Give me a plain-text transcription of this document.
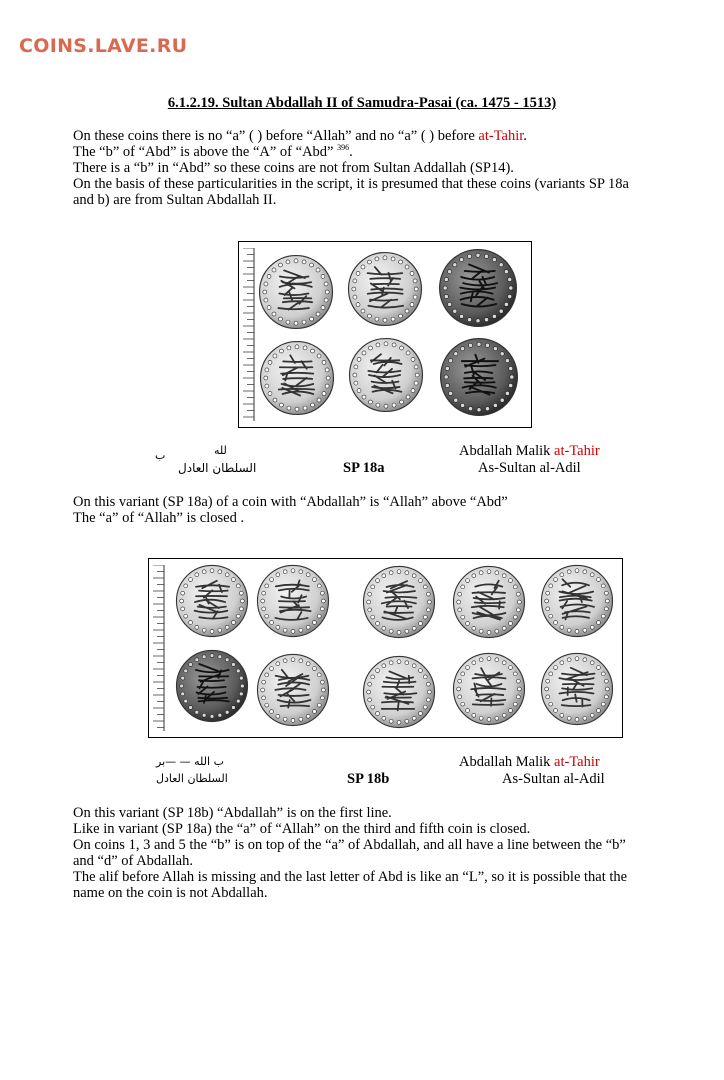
COINS.LAVE.RU
6.1.2.19. Sultan Abdallah II of Samudra-Pasai (ca. 1475 - 1513)
On these coins there is no “a” ( ) before “Allah” and no “a” ( ) before at-Tahir.
The “b” of “Abd” is above the “A” of “Abd” $^{396}$.
There is a “b” in “Abd” so these coins are not from Sultan Addallah (SP14).
On the basis of these particularities in the script, it is presumed that these coins (variants SP 18a
and b) are from Sultan Abdallah II.
لله
ب
السلطان العادل	SP 18a
Abdallah Malik at-Tahir
As-Sultan al-Adil
On this variant (SP 18a) of a coin with “Abdallah” is “Allah” above “Abd”
The “a” of “Allah” is closed .
ب الله — —بر
السلطان العادل	SP 18b
Abdallah Malik at-Tahir
As-Sultan al-Adil
On this variant (SP 18b) “Abdallah” is on the first line.
Like in variant (SP 18a) the “a” of “Allah” on the third and fifth coin is closed.
On coins 1, 3 and 5 the “b” is on top of the “a” of Abdallah, and all have a line between the “b”
and “d” of Abdallah.
The alif before Allah is missing and the last letter of Abd is like an “L”, so it is possible that the
name on the coin is not Abdallah.
